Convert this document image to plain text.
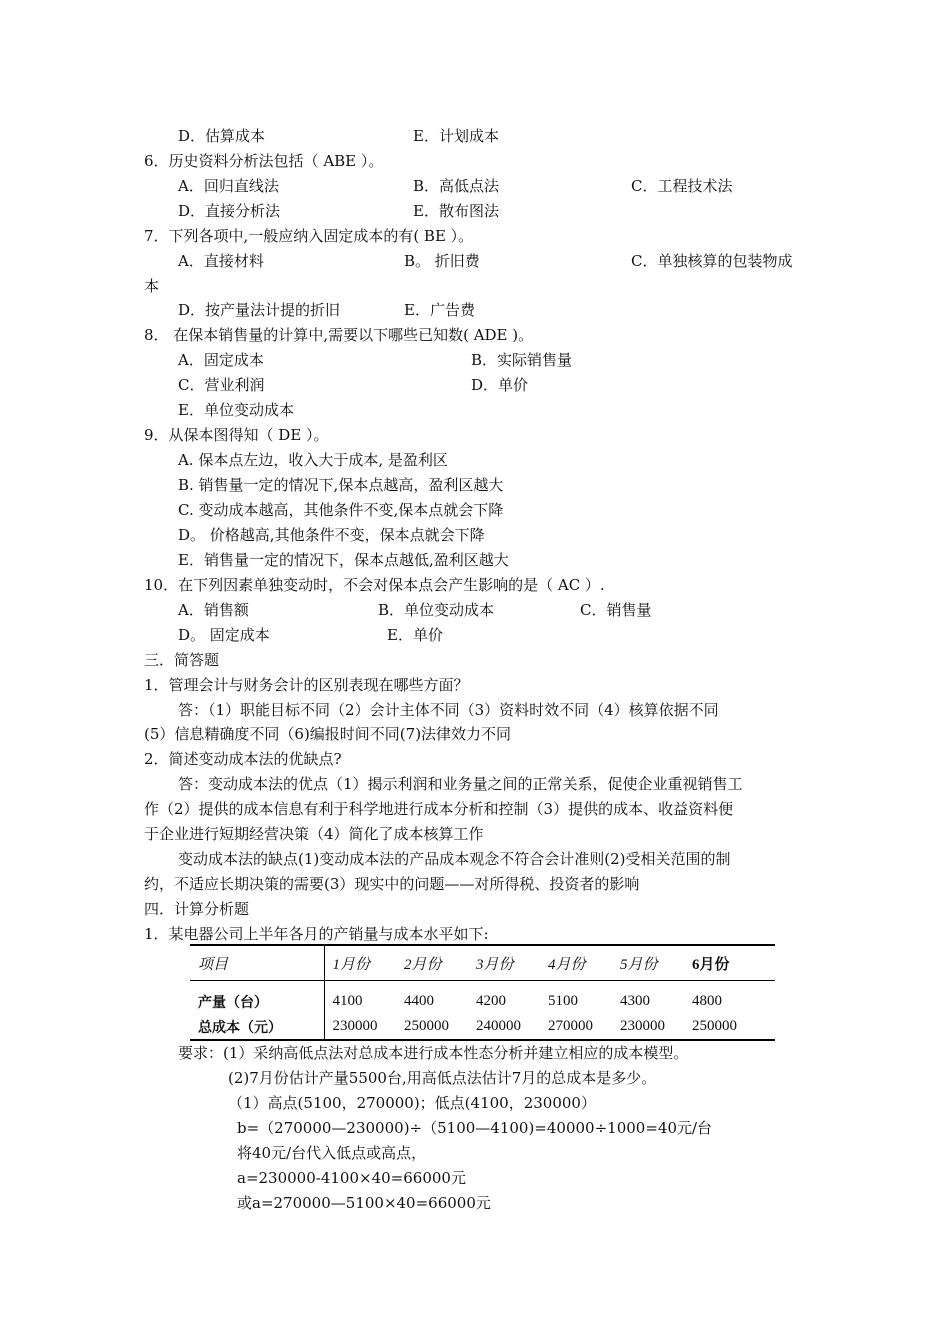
D．估算成本	E．计划成本
6．历史资料分析法包括（ ABE ）。
A．回归直线法	B．高低点法	C．工程技术法
D．直接分析法	E．散布图法
7．下列各项中,一般应纳入固定成本的有( BE ）。
A．直接材料	B。 折旧费	C．单独核算的包装物成
本
D．按产量法计提的折旧	E．广告费
8． 在保本销售量的计算中,需要以下哪些已知数( ADE )。
A．固定成本	B．实际销售量
C．营业利润	D．单价
E．单位变动成本
9．从保本图得知（ DE ）。
A. 保本点左边，收入大于成本, 是盈利区
B. 销售量一定的情况下,保本点越高，盈利区越大
C. 变动成本越高，其他条件不变,保本点就会下降
D。 价格越高,其他条件不变，保本点就会下降
E．销售量一定的情况下，保本点越低,盈利区越大
10．在下列因素单独变动时，不会对保本点会产生影响的是（ AC ）.
A．销售额	B．单位变动成本	C．销售量
D。 固定成本	E．单价
三．简答题
1．管理会计与财务会计的区别表现在哪些方面？
答：（1）职能目标不同（2）会计主体不同（3）资料时效不同（4）核算依据不同
(5）信息精确度不同（6)编报时间不同(7)法律效力不同
2．简述变动成本法的优缺点?
答：变动成本法的优点（1）揭示利润和业务量之间的正常关系，促使企业重视销售工
作（2）提供的成本信息有利于科学地进行成本分析和控制（3）提供的成本、收益资料便
于企业进行短期经营决策（4）简化了成本核算工作
变动成本法的缺点(1)变动成本法的产品成本观念不符合会计准则(2)受相关范围的制
约，不适应长期决策的需要(3）现实中的问题——对所得税、投资者的影响
四．计算分析题
1．某电器公司上半年各月的产销量与成本水平如下:
项目	1月份	2月份	3月份	4月份	5月份	6月份
产量（台）	4100	4400	4200	5100	4300	4800
总成本（元）	230000	250000	240000	270000	230000	250000
要求：(1）采纳高低点法对总成本进行成本性态分析并建立相应的成本模型。
(2)7月份估计产量5500台,用高低点法估计7月的总成本是多少。
（1）高点(5100，270000)；低点(4100，230000）
b=（270000—230000)÷（5100—4100)=40000÷1000=40元/台
将40元/台代入低点或高点，
a=230000-4100×40=66000元
或a=270000—5100×40=66000元
